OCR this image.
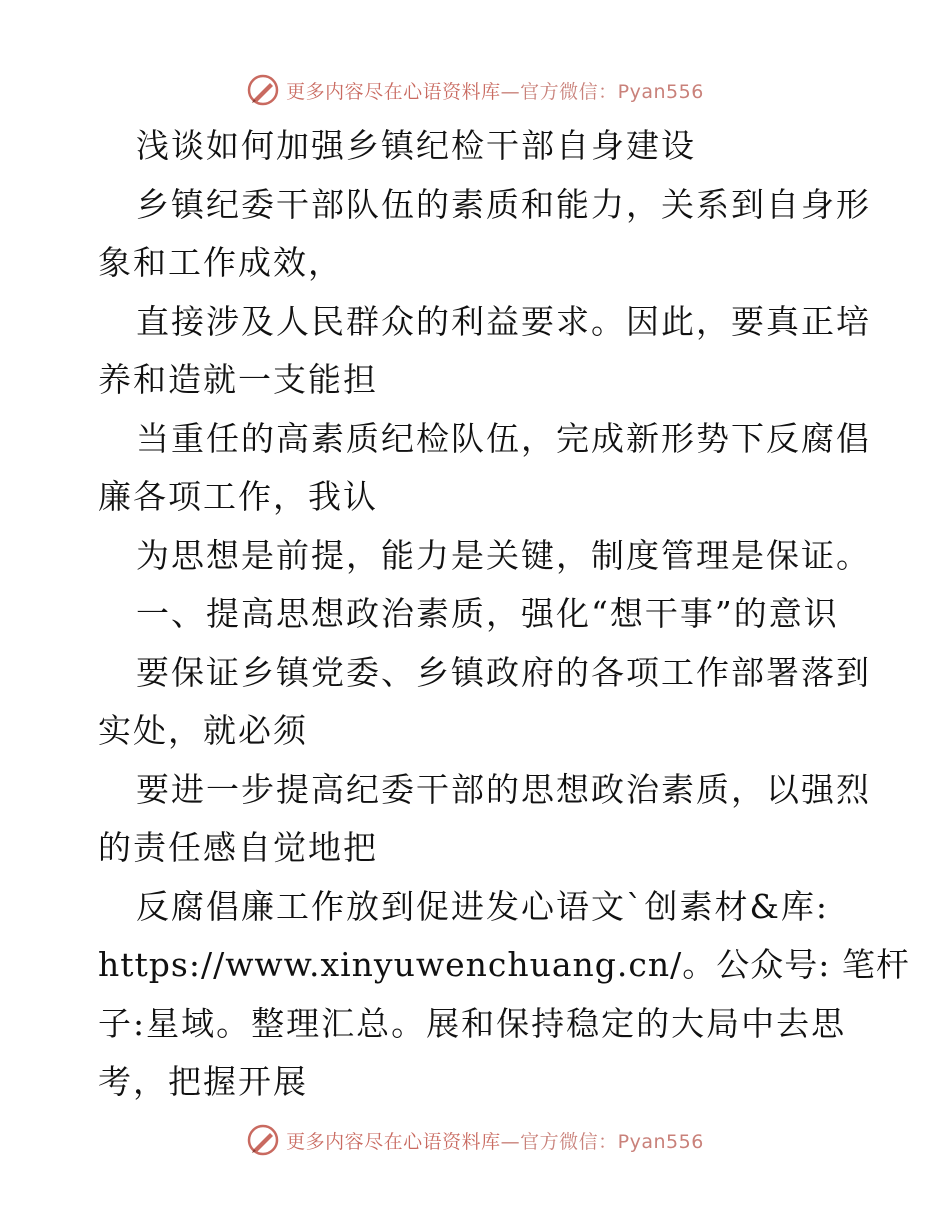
更多内容尽在心语资料库—官方微信：Pyan556
浅谈如何加强乡镇纪检干部自身建设
乡镇纪委干部队伍的素质和能力，关系到自身形
象和工作成效，
直接涉及人民群众的利益要求。因此，要真正培
养和造就一支能担
当重任的高素质纪检队伍，完成新形势下反腐倡
廉各项工作，我认
为思想是前提，能力是关键，制度管理是保证。
一、提高思想政治素质，强化“想干事”的意识
要保证乡镇党委、乡镇政府的各项工作部署落到
实处，就必须
要进一步提高纪委干部的思想政治素质，以强烈
的责任感自觉地把
反腐倡廉工作放到促进发心语文`创素材&库:
https://www.xinyuwenchuang.cn/。公众号: 笔杆
子:星域。整理汇总。展和保持稳定的大局中去思
考，把握开展
更多内容尽在心语资料库—官方微信：Pyan556
